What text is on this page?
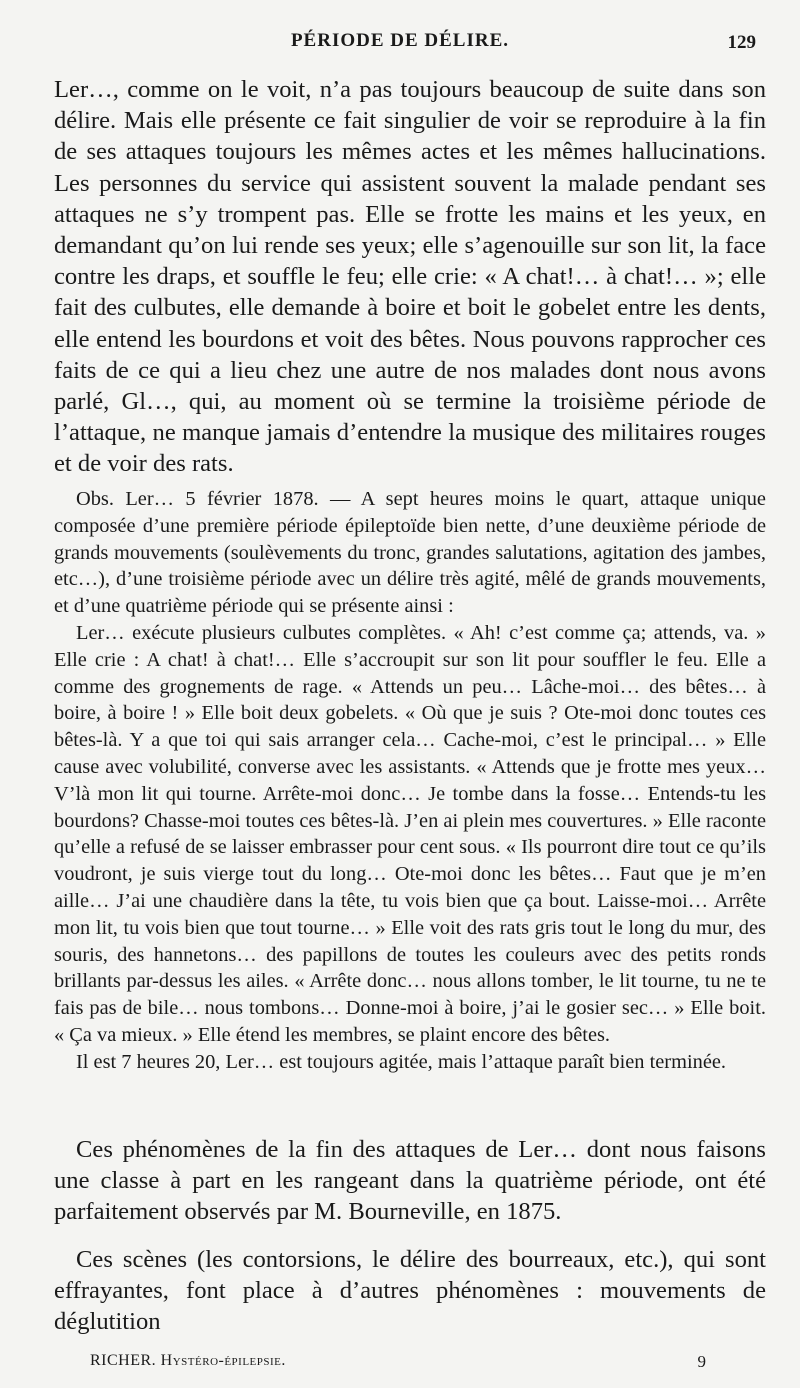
PÉRIODE DE DÉLIRE.	129

Ler…, comme on le voit, n’a pas toujours beaucoup de suite dans son délire. Mais elle présente ce fait singulier de voir se reproduire à la fin de ses attaques toujours les mêmes actes et les mêmes hallucinations. Les personnes du service qui assistent souvent la malade pendant ses attaques ne s’y trompent pas. Elle se frotte les mains et les yeux, en demandant qu’on lui rende ses yeux; elle s’agenouille sur son lit, la face contre les draps, et souffle le feu; elle crie: « A chat!… à chat!… »; elle fait des culbutes, elle demande à boire et boit le gobelet entre les dents, elle entend les bourdons et voit des bêtes. Nous pouvons rapprocher ces faits de ce qui a lieu chez une autre de nos malades dont nous avons parlé, Gl…, qui, au moment où se termine la troisième période de l’attaque, ne manque jamais d’entendre la musique des militaires rouges et de voir des rats.

Obs. Ler… 5 février 1878. — A sept heures moins le quart, attaque unique composée d’une première période épileptoïde bien nette, d’une deuxième période de grands mouvements (soulèvements du tronc, grandes salutations, agitation des jambes, etc…), d’une troisième période avec un délire très agité, mêlé de grands mouvements, et d’une quatrième période qui se présente ainsi :

Ler… exécute plusieurs culbutes complètes. « Ah! c’est comme ça; attends, va. » Elle crie : A chat! à chat!… Elle s’accroupit sur son lit pour souffler le feu. Elle a comme des grognements de rage. « Attends un peu… Lâche-moi… des bêtes… à boire, à boire ! » Elle boit deux gobelets. « Où que je suis ? Ote-moi donc toutes ces bêtes-là. Y a que toi qui sais arranger cela… Cache-moi, c’est le principal… » Elle cause avec volubilité, converse avec les assistants. « Attends que je frotte mes yeux… V’là mon lit qui tourne. Arrête-moi donc… Je tombe dans la fosse… Entends-tu les bourdons? Chasse-moi toutes ces bêtes-là. J’en ai plein mes couvertures. » Elle raconte qu’elle a refusé de se laisser embrasser pour cent sous. « Ils pourront dire tout ce qu’ils voudront, je suis vierge tout du long… Ote-moi donc les bêtes… Faut que je m’en aille… J’ai une chaudière dans la tête, tu vois bien que ça bout. Laisse-moi… Arrête mon lit, tu vois bien que tout tourne… » Elle voit des rats gris tout le long du mur, des souris, des hannetons… des papillons de toutes les couleurs avec des petits ronds brillants par-dessus les ailes. « Arrête donc… nous allons tomber, le lit tourne, tu ne te fais pas de bile… nous tombons… Donne-moi à boire, j’ai le gosier sec… » Elle boit. « Ça va mieux. » Elle étend les membres, se plaint encore des bêtes.

Il est 7 heures 20, Ler… est toujours agitée, mais l’attaque paraît bien terminée.

Ces phénomènes de la fin des attaques de Ler… dont nous faisons une classe à part en les rangeant dans la quatrième période, ont été parfaitement observés par M. Bourneville, en 1875.

Ces scènes (les contorsions, le délire des bourreaux, etc.), qui sont effrayantes, font place à d’autres phénomènes : mouvements de déglutition

RICHER. Hystéro-épilepsie.	9
